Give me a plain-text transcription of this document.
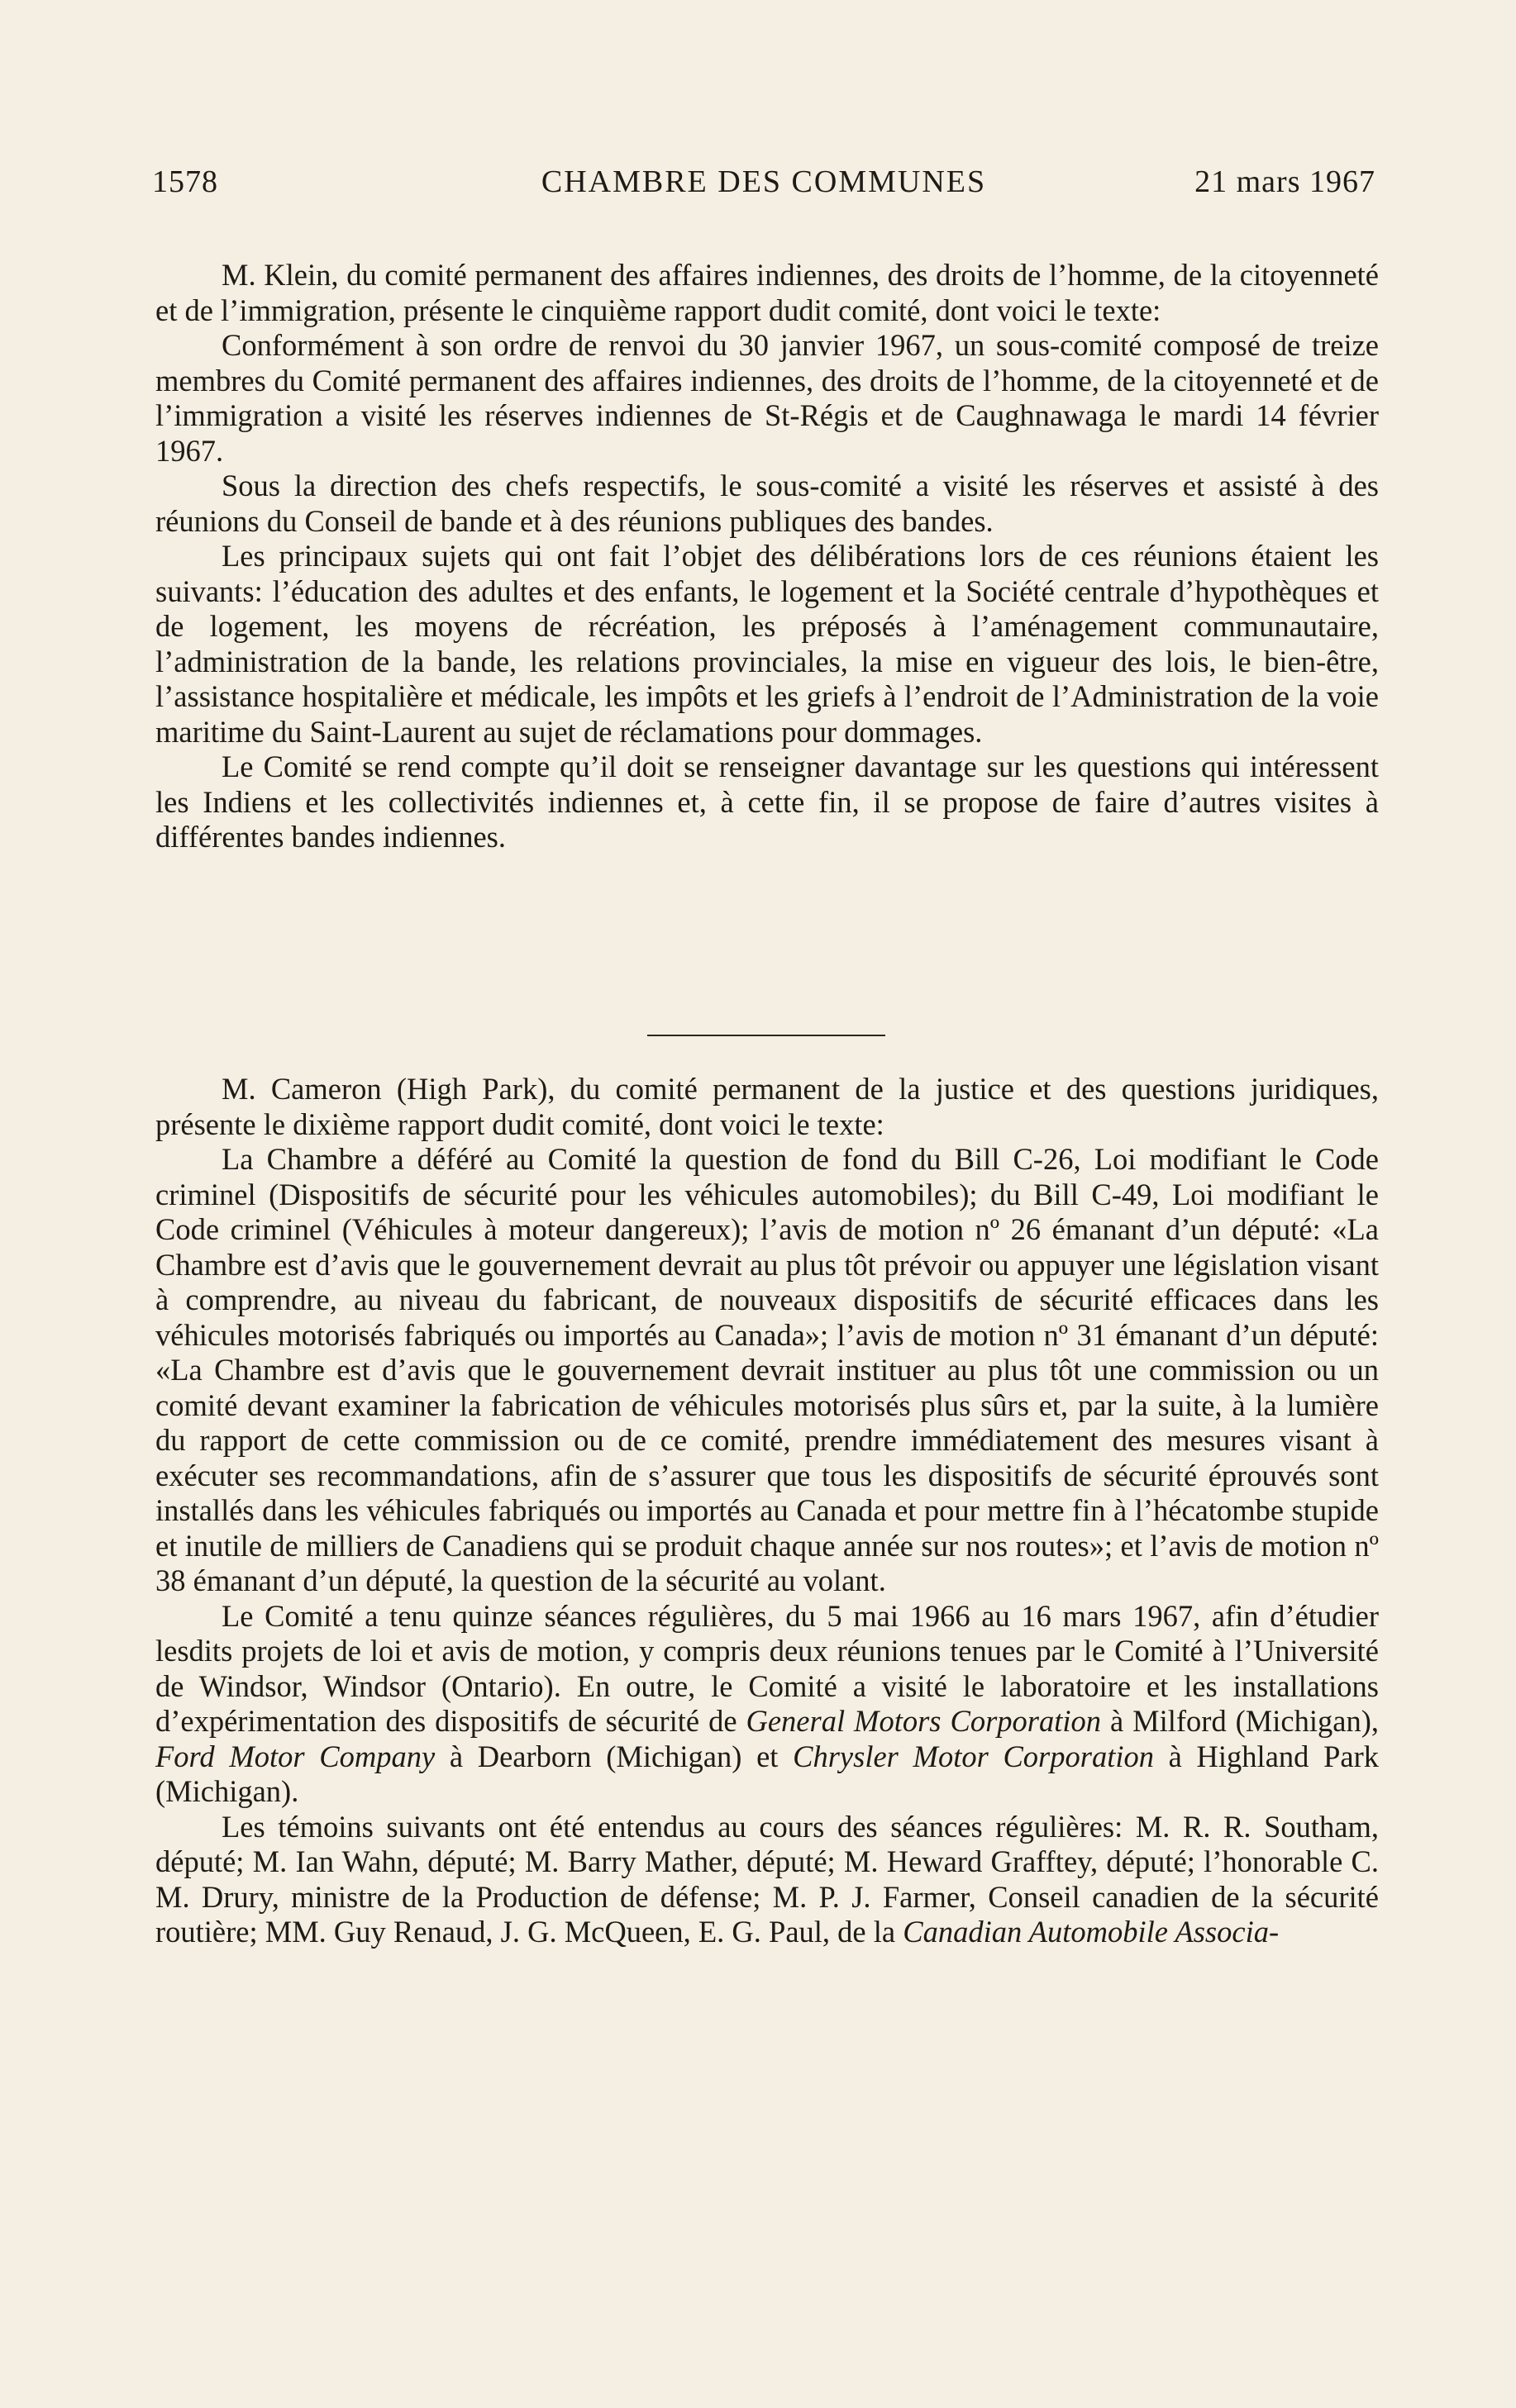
1578	CHAMBRE DES COMMUNES	21 mars 1967

M. Klein, du comité permanent des affaires indiennes, des droits de l’homme, de la citoyenneté et de l’immigration, présente le cinquième rapport dudit comité, dont voici le texte:

Conformément à son ordre de renvoi du 30 janvier 1967, un sous-comité composé de treize membres du Comité permanent des affaires indiennes, des droits de l’homme, de la citoyenneté et de l’immigration a visité les réserves indiennes de St-Régis et de Caughnawaga le mardi 14 février 1967.

Sous la direction des chefs respectifs, le sous-comité a visité les réserves et assisté à des réunions du Conseil de bande et à des réunions publiques des bandes.

Les principaux sujets qui ont fait l’objet des délibérations lors de ces réunions étaient les suivants: l’éducation des adultes et des enfants, le logement et la Société centrale d’hypothèques et de logement, les moyens de récréation, les préposés à l’aménagement communautaire, l’administration de la bande, les relations provinciales, la mise en vigueur des lois, le bien-être, l’assistance hospitalière et médicale, les impôts et les griefs à l’endroit de l’Administration de la voie maritime du Saint-Laurent au sujet de réclamations pour dommages.

Le Comité se rend compte qu’il doit se renseigner davantage sur les questions qui intéressent les Indiens et les collectivités indiennes et, à cette fin, il se propose de faire d’autres visites à différentes bandes indiennes.

M. Cameron (High Park), du comité permanent de la justice et des questions juridiques, présente le dixième rapport dudit comité, dont voici le texte:

La Chambre a déféré au Comité la question de fond du Bill C-26, Loi modifiant le Code criminel (Dispositifs de sécurité pour les véhicules automobiles); du Bill C-49, Loi modifiant le Code criminel (Véhicules à moteur dangereux); l’avis de motion nº 26 émanant d’un député: «La Chambre est d’avis que le gouvernement devrait au plus tôt prévoir ou appuyer une législation visant à comprendre, au niveau du fabricant, de nouveaux dispositifs de sécurité efficaces dans les véhicules motorisés fabriqués ou importés au Canada»; l’avis de motion nº 31 émanant d’un député: «La Chambre est d’avis que le gouvernement devrait instituer au plus tôt une commission ou un comité devant examiner la fabrication de véhicules motorisés plus sûrs et, par la suite, à la lumière du rapport de cette commission ou de ce comité, prendre immédiatement des mesures visant à exécuter ses recommandations, afin de s’assurer que tous les dispositifs de sécurité éprouvés sont installés dans les véhicules fabriqués ou importés au Canada et pour mettre fin à l’hécatombe stupide et inutile de milliers de Canadiens qui se produit chaque année sur nos routes»; et l’avis de motion nº 38 émanant d’un député, la question de la sécurité au volant.

Le Comité a tenu quinze séances régulières, du 5 mai 1966 au 16 mars 1967, afin d’étudier lesdits projets de loi et avis de motion, y compris deux réunions tenues par le Comité à l’Université de Windsor, Windsor (Ontario). En outre, le Comité a visité le laboratoire et les installations d’expérimentation des dispositifs de sécurité de General Motors Corporation à Milford (Michigan), Ford Motor Company à Dearborn (Michigan) et Chrysler Motor Corporation à Highland Park (Michigan).

Les témoins suivants ont été entendus au cours des séances régulières: M. R. R. Southam, député; M. Ian Wahn, député; M. Barry Mather, député; M. Heward Grafftey, député; l’honorable C. M. Drury, ministre de la Production de défense; M. P. J. Farmer, Conseil canadien de la sécurité routière; MM. Guy Renaud, J. G. McQueen, E. G. Paul, de la Canadian Automobile Associa-
